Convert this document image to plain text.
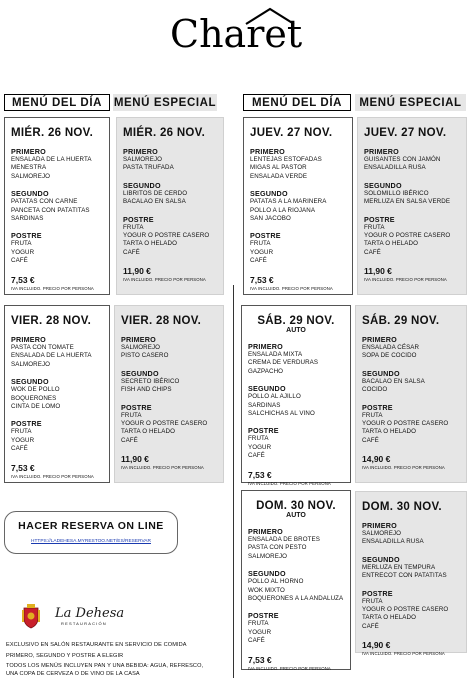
Charet
MENÚ DEL DÍA	MENÚ ESPECIAL	MENÚ DEL DÍA	MENÚ ESPECIAL
MIÉR. 26 NOV.
PRIMERO
ENSALADA DE LA HUERTA
MENESTRA
SALMOREJO
SEGUNDO
PATATAS CON CARNE
PANCETA CON PATATITAS
SARDINAS
POSTRE
FRUTA
YOGUR
CAFÉ
7,53 €
IVA INCLUIDO. PRECIO POR PERSONA
MIÉR. 26 NOV.
PRIMERO
SALMOREJO
PASTA TRUFADA
SEGUNDO
LIBRITOS DE CERDO
BACALAO EN SALSA
POSTRE
FRUTA
YOGUR O POSTRE CASERO
TARTA O HELADO
CAFÉ
11,90 €
IVA INCLUIDO. PRECIO POR PERSONA
JUEV. 27 NOV.
PRIMERO
LENTEJAS ESTOFADAS
MIGAS AL PASTOR
ENSALADA VERDE
SEGUNDO
PATATAS A LA MARINERA
POLLO A LA RIOJANA
SAN JACOBO
POSTRE
FRUTA
YOGUR
CAFÉ
7,53 €
IVA INCLUIDO. PRECIO POR PERSONA
JUEV. 27 NOV.
PRIMERO
GUISANTES CON JAMÓN
ENSALADILLA RUSA
SEGUNDO
SOLOMILLO IBÉRICO
MERLUZA EN SALSA VERDE
POSTRE
FRUTA
YOGUR O POSTRE CASERO
TARTA O HELADO
CAFÉ
11,90 €
IVA INCLUIDO. PRECIO POR PERSONA
VIER. 28 NOV.
PRIMERO
PASTA CON TOMATE
ENSALADA DE LA HUERTA
SALMOREJO
SEGUNDO
WOK DE POLLO
BOQUERONES
CINTA DE LOMO
POSTRE
FRUTA
YOGUR
CAFÉ
7,53 €
IVA INCLUIDO. PRECIO POR PERSONA
VIER. 28 NOV.
PRIMERO
SALMOREJO
PISTO CASERO
SEGUNDO
SECRETO IBÉRICO
FISH AND CHIPS
POSTRE
FRUTA
YOGUR O POSTRE CASERO
TARTA O HELADO
CAFÉ
11,90 €
IVA INCLUIDO. PRECIO POR PERSONA
SÁB. 29 NOV.
AUTO
PRIMERO
ENSALADA MIXTA
CREMA DE VERDURAS
GAZPACHO
SEGUNDO
POLLO AL AJILLO
SARDINAS
SALCHICHAS AL VINO
POSTRE
FRUTA
YOGUR
CAFÉ
7,53 €
IVA INCLUIDO. PRECIO POR PERSONA
SÁB. 29 NOV.
PRIMERO
ENSALADA CÉSAR
SOPA DE COCIDO
SEGUNDO
BACALAO EN SALSA
COCIDO
POSTRE
FRUTA
YOGUR O POSTRE CASERO
TARTA O HELADO
CAFÉ
14,90 €
IVA INCLUIDO. PRECIO POR PERSONA
DOM. 30 NOV.
AUTO
PRIMERO
ENSALADA DE BROTES
PASTA CON PESTO
SALMOREJO
SEGUNDO
POLLO AL HORNO
WOK MIXTO
BOQUERONES A LA ANDALUZA
POSTRE
FRUTA
YOGUR
CAFÉ
7,53 €
IVA INCLUIDO. PRECIO POR PERSONA
DOM. 30 NOV.
PRIMERO
SALMOREJO
ENSALADILLA RUSA
SEGUNDO
MERLUZA EN TEMPURA
ENTRECOT CON PATATITAS
POSTRE
FRUTA
YOGUR O POSTRE CASERO
TARTA O HELADO
CAFÉ
14,90 €
IVA INCLUIDO. PRECIO POR PERSONA
HACER RESERVA ON LINE
HTTPS://LADEHESA.MYRESTOO.NET/ES/RESERVAR
La Dehesa
RESTAURACIÓN
EXCLUSIVO EN SALÓN RESTAURANTE EN SERVICIO DE COMIDA
PRIMERO, SEGUNDO Y POSTRE A ELEGIR
TODOS LOS MENÚS INCLUYEN PAN Y UNA BEBIDA: AGUA, REFRESCO,
UNA COPA DE CERVEZA O DE VINO DE LA CASA
